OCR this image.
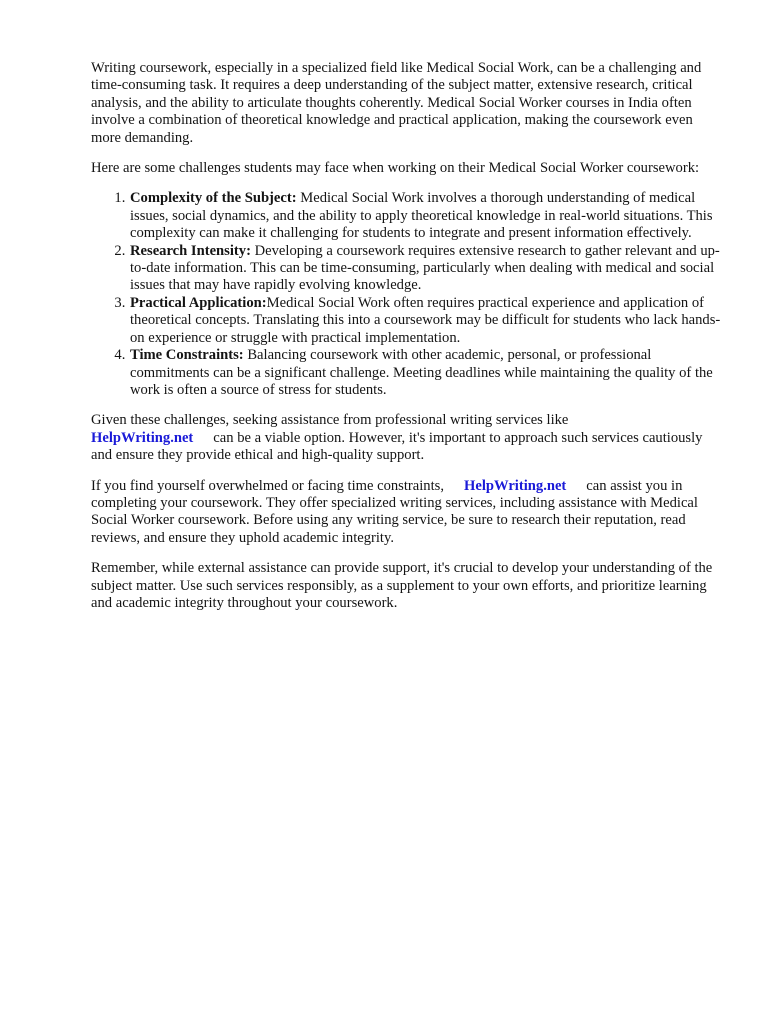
Writing coursework, especially in a specialized field like Medical Social Work, can be a challenging and time-consuming task. It requires a deep understanding of the subject matter, extensive research, critical analysis, and the ability to articulate thoughts coherently. Medical Social Worker courses in India often involve a combination of theoretical knowledge and practical application, making the coursework even more demanding.

Here are some challenges students may face when working on their Medical Social Worker coursework:

1. Complexity of the Subject: Medical Social Work involves a thorough understanding of medical issues, social dynamics, and the ability to apply theoretical knowledge in real-world situations. This complexity can make it challenging for students to integrate and present information effectively.
2. Research Intensity: Developing a coursework requires extensive research to gather relevant and up-to-date information. This can be time-consuming, particularly when dealing with medical and social issues that may have rapidly evolving knowledge.
3. Practical Application:Medical Social Work often requires practical experience and application of theoretical concepts. Translating this into a coursework may be difficult for students who lack hands-on experience or struggle with practical implementation.
4. Time Constraints: Balancing coursework with other academic, personal, or professional commitments can be a significant challenge. Meeting deadlines while maintaining the quality of the work is often a source of stress for students.

Given these challenges, seeking assistance from professional writing services like
HelpWriting.net can be a viable option. However, it's important to approach such services cautiously and ensure they provide ethical and high-quality support.

If you find yourself overwhelmed or facing time constraints, HelpWriting.net can assist you in completing your coursework. They offer specialized writing services, including assistance with Medical Social Worker coursework. Before using any writing service, be sure to research their reputation, read reviews, and ensure they uphold academic integrity.

Remember, while external assistance can provide support, it's crucial to develop your understanding of the subject matter. Use such services responsibly, as a supplement to your own efforts, and prioritize learning and academic integrity throughout your coursework.
